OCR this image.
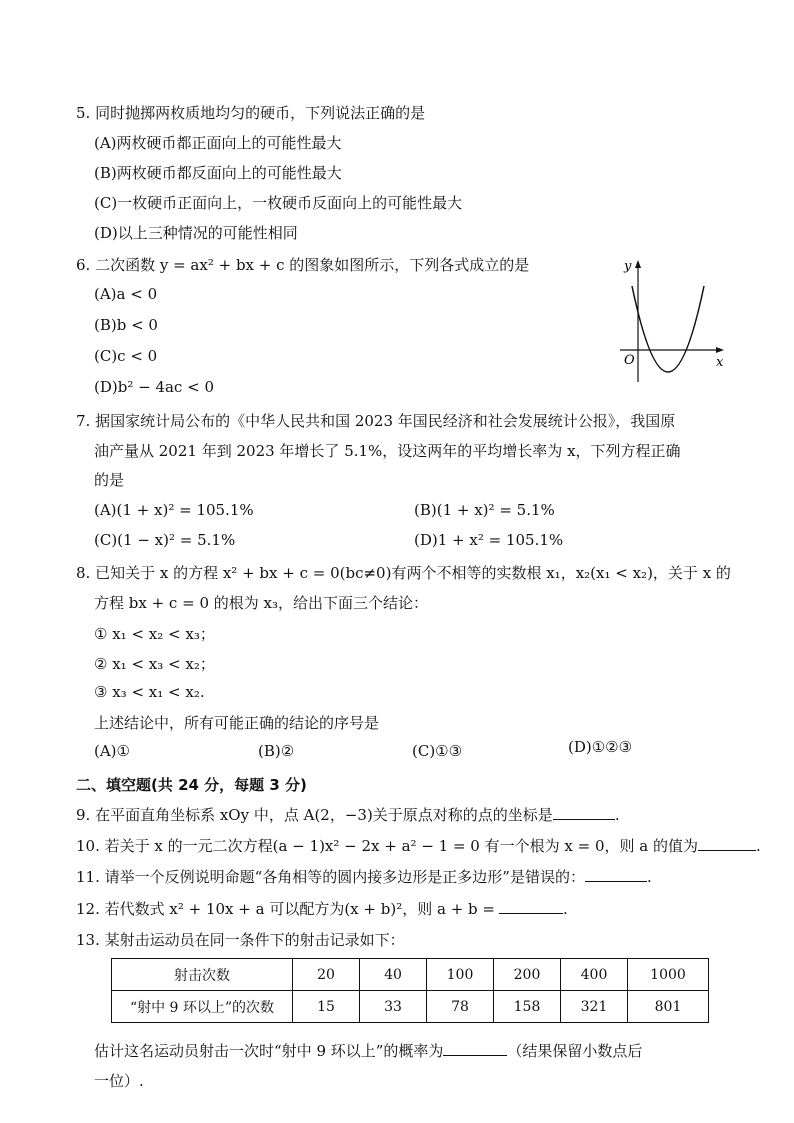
5. 同时抛掷两枚质地均匀的硬币，下列说法正确的是
(A)两枚硬币都正面向上的可能性最大
(B)两枚硬币都反面向上的可能性最大
(C)一枚硬币正面向上，一枚硬币反面向上的可能性最大
(D)以上三种情况的可能性相同
6. 二次函数 y = ax² + bx + c 的图象如图所示，下列各式成立的是
(A)a < 0
(B)b < 0
(C)c < 0
(D)b² − 4ac < 0
y
x
O
7. 据国家统计局公布的《中华人民共和国 2023 年国民经济和社会发展统计公报》，我国原
油产量从 2021 年到 2023 年增长了 5.1%，设这两年的平均增长率为 x，下列方程正确
的是
(A)(1 + x)² = 105.1%	(B)(1 + x)² = 5.1%
(C)(1 − x)² = 5.1%	(D)1 + x² = 105.1%
8. 已知关于 x 的方程 x² + bx + c = 0(bc≠0)有两个不相等的实数根 x₁，x₂(x₁ < x₂)，关于 x 的
方程 bx + c = 0 的根为 x₃，给出下面三个结论：
① x₁ < x₂ < x₃；
② x₁ < x₃ < x₂；
③ x₃ < x₁ < x₂.
上述结论中，所有可能正确的结论的序号是
(A)①	(B)②	(C)①③	(D)①②③
二、填空题(共 24 分，每题 3 分)
9. 在平面直角坐标系 xOy 中，点 A(2，−3)关于原点对称的点的坐标是	.
10. 若关于 x 的一元二次方程(a − 1)x² − 2x + a² − 1 = 0 有一个根为 x = 0，则 a 的值为	.
11. 请举一个反例说明命题“各角相等的圆内接多边形是正多边形”是错误的：	.
12. 若代数式 x² + 10x + a 可以配方为(x + b)²，则 a + b =	.
13. 某射击运动员在同一条件下的射击记录如下：
射击次数	20	40	100	200	400	1000
“射中 9 环以上”的次数	15	33	78	158	321	801
估计这名运动员射击一次时“射中 9 环以上”的概率为	（结果保留小数点后
一位）.
